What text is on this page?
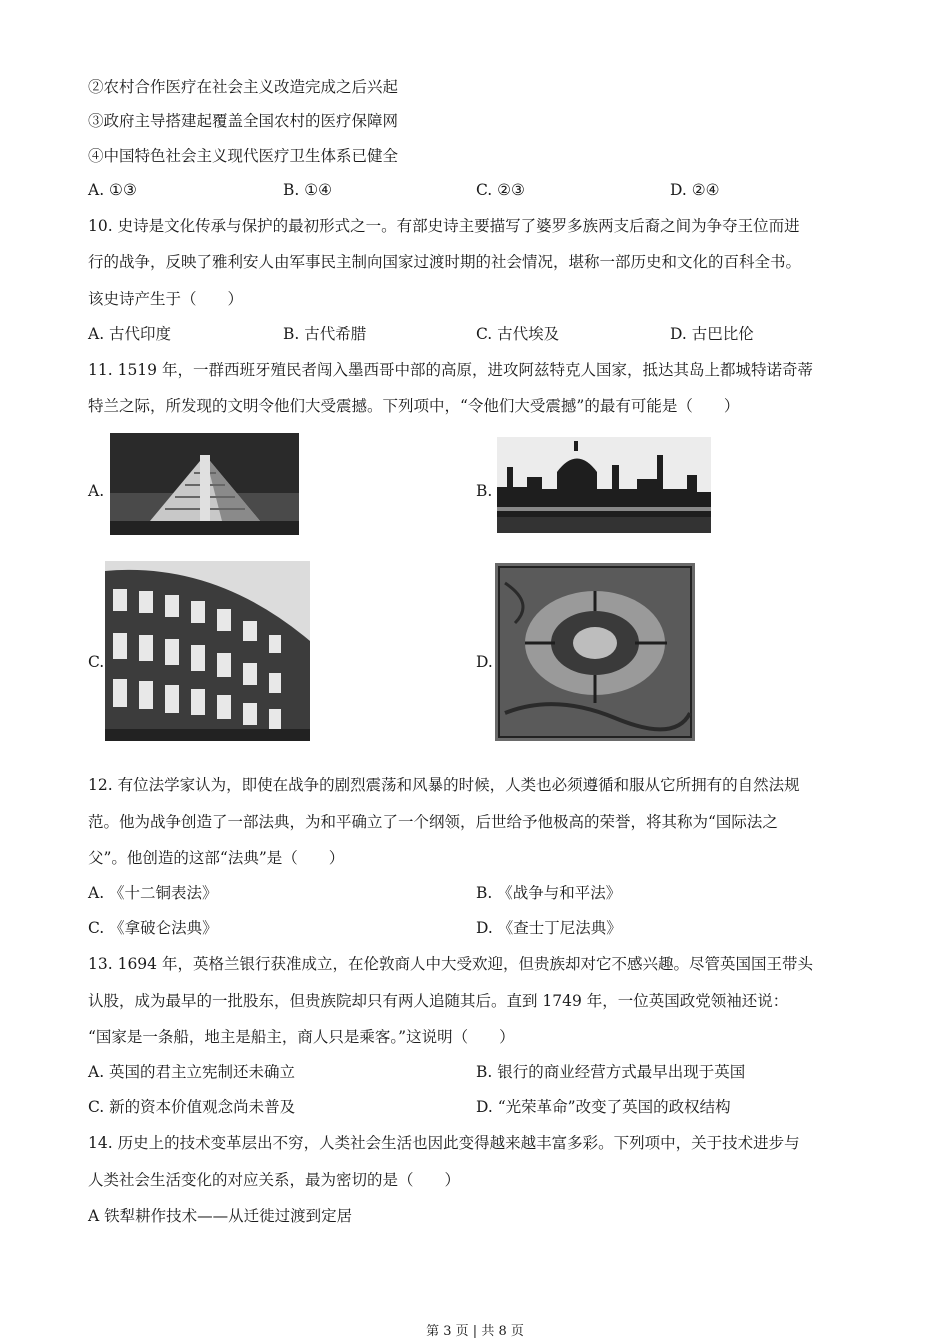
②农村合作医疗在社会主义改造完成之后兴起
③政府主导搭建起覆盖全国农村的医疗保障网
④中国特色社会主义现代医疗卫生体系已健全
A. ①③	B. ①④	C. ②③	D. ②④
10. 史诗是文化传承与保护的最初形式之一。有部史诗主要描写了婆罗多族两支后裔之间为争夺王位而进
行的战争，反映了雅利安人由军事民主制向国家过渡时期的社会情况，堪称一部历史和文化的百科全书。
该史诗产生于（　　）
A. 古代印度	B. 古代希腊	C. 古代埃及	D. 古巴比伦
11. 1519 年，一群西班牙殖民者闯入墨西哥中部的高原，进攻阿兹特克人国家，抵达其岛上都城特诺奇蒂
特兰之际，所发现的文明令他们大受震撼。下列项中，“令他们大受震撼”的最有可能是（　　）
A.	B.
C.	D.
12. 有位法学家认为，即使在战争的剧烈震荡和风暴的时候，人类也必须遵循和服从它所拥有的自然法规
范。他为战争创造了一部法典，为和平确立了一个纲领，后世给予他极高的荣誉，将其称为“国际法之
父”。他创造的这部“法典”是（　　）
A. 《十二铜表法》	B. 《战争与和平法》
C. 《拿破仑法典》	D. 《查士丁尼法典》
13. 1694 年，英格兰银行获准成立，在伦敦商人中大受欢迎，但贵族却对它不感兴趣。尽管英国国王带头
认股，成为最早的一批股东，但贵族院却只有两人追随其后。直到 1749 年，一位英国政党领袖还说：
“国家是一条船，地主是船主，商人只是乘客。”这说明（　　）
A. 英国的君主立宪制还未确立	B. 银行的商业经营方式最早出现于英国
C. 新的资本价值观念尚未普及	D. “光荣革命”改变了英国的政权结构
14. 历史上的技术变革层出不穷，人类社会生活也因此变得越来越丰富多彩。下列项中，关于技术进步与
人类社会生活变化的对应关系，最为密切的是（　　）
A 铁犁耕作技术——从迁徙过渡到定居
第 3 页 | 共 8 页
